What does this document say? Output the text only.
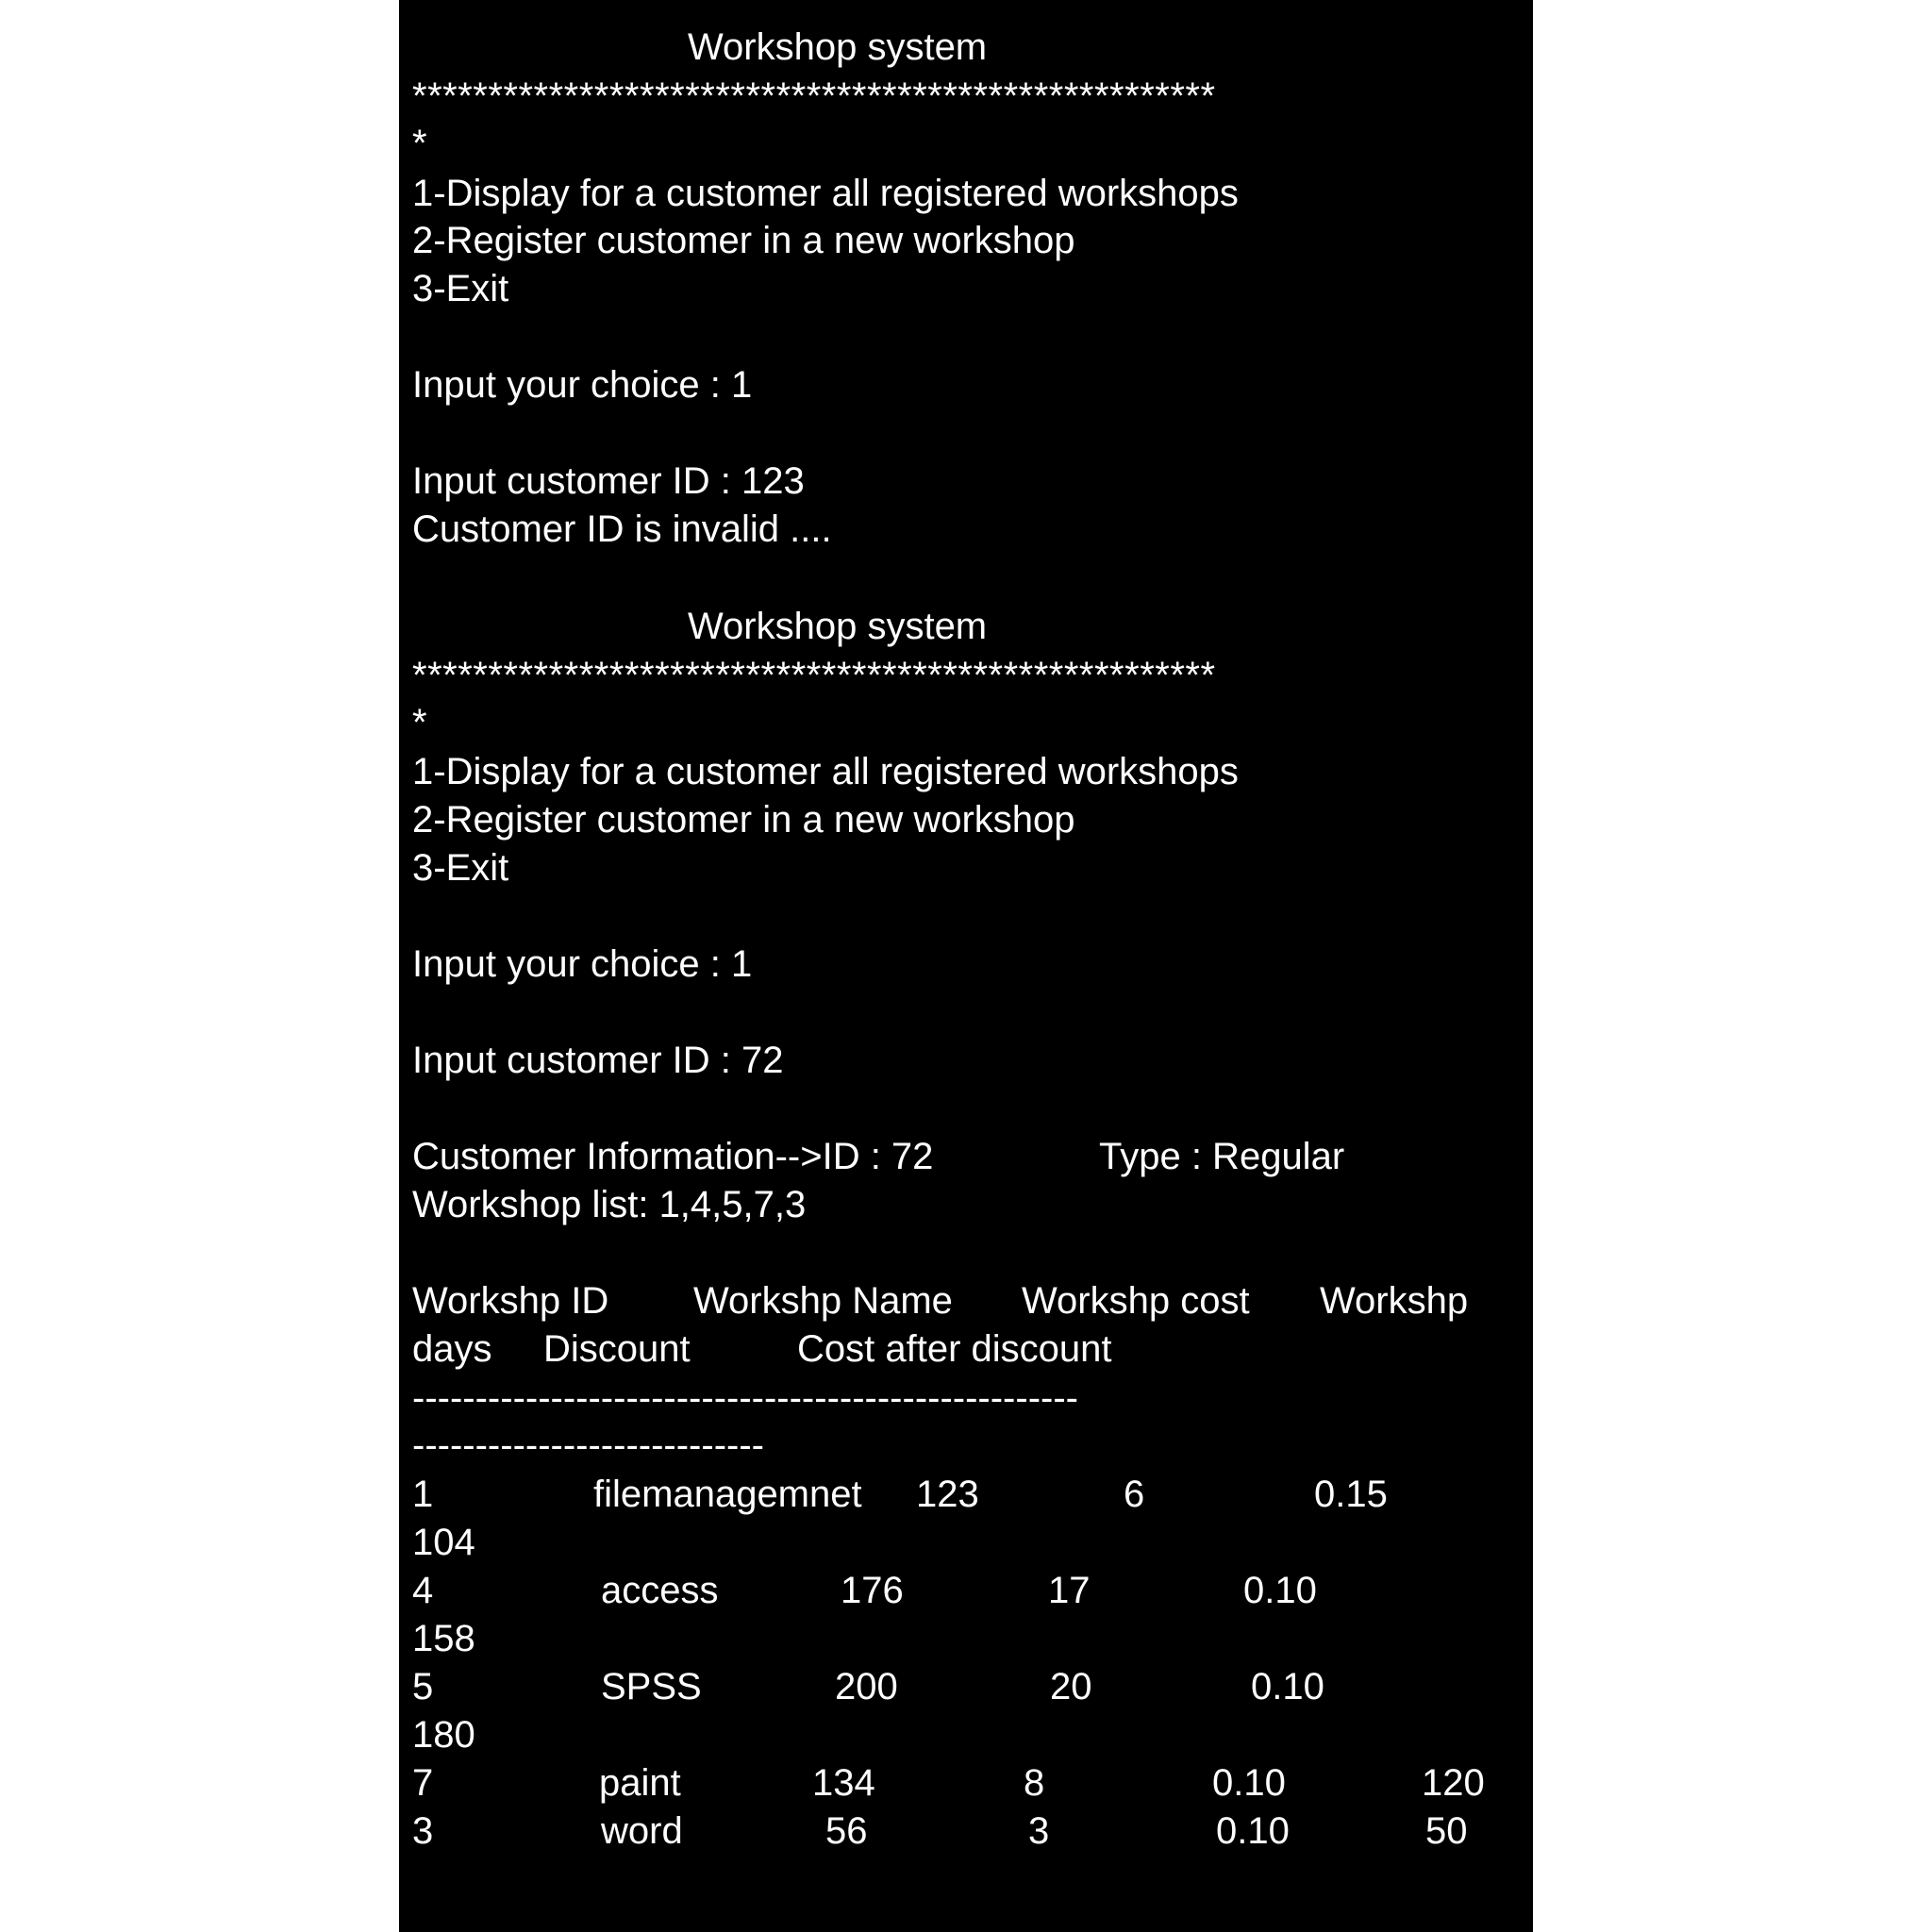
Workshop system
*****************************************************
*
1-Display for a customer all registered workshops
2-Register customer in a new workshop
3-Exit
Input your choice : 1
Input customer ID : 123
Customer ID is invalid ....
Workshop system
*****************************************************
*
1-Display for a customer all registered workshops
2-Register customer in a new workshop
3-Exit
Input your choice : 1
Input customer ID : 72
Customer Information-->ID : 72	Type : Regular
Workshop list: 1,4,5,7,3
Workshp ID Workshp Name Workshp cost Workshp
days Discount	Cost after discount
-----------------------------------------------------
----------------------------
1	filemanagemnet 123	6	0.15
104
4	access	176	17	0.10
158
5	SPSS	200	20	0.10
180
7	paint	134	8	0.10	120
3	word	56	3	0.10	50
